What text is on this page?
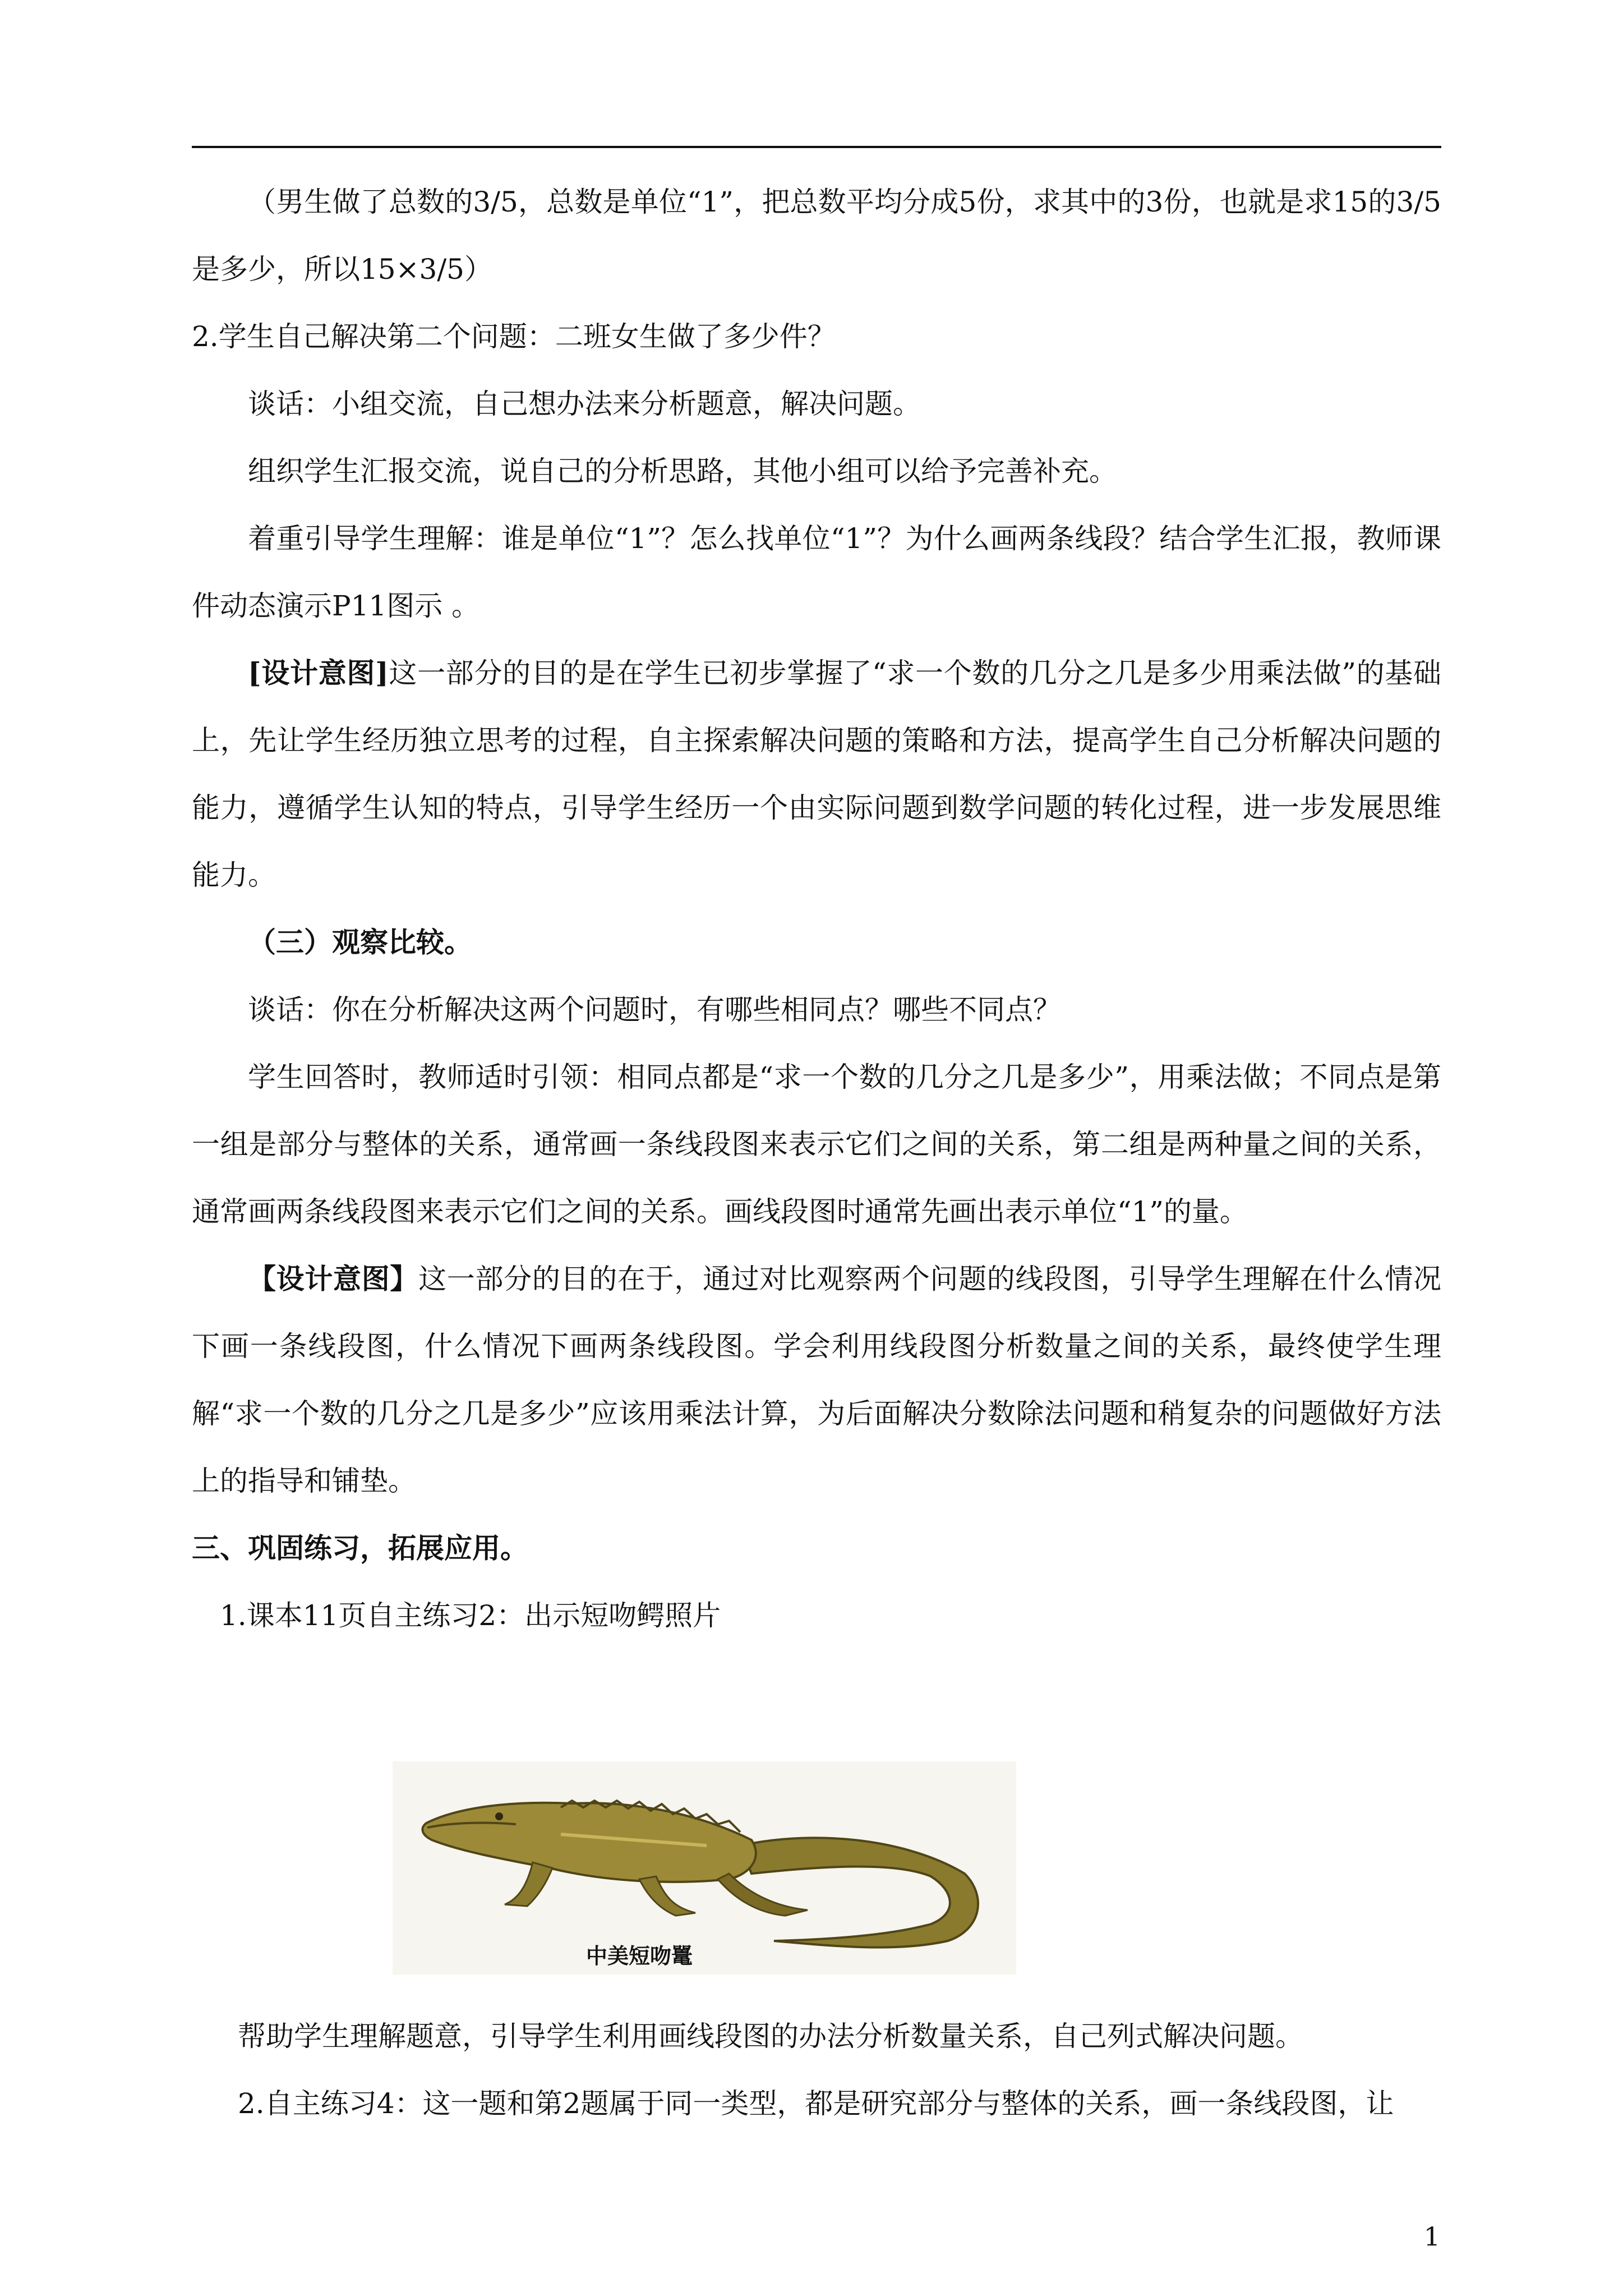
（男生做了总数的3/5，总数是单位“1”，把总数平均分成5份，求其中的3份，也就是求15的3/5是多少，所以15×3/5）

2.学生自己解决第二个问题：二班女生做了多少件？

谈话：小组交流，自己想办法来分析题意，解决问题。

组织学生汇报交流，说自己的分析思路，其他小组可以给予完善补充。

着重引导学生理解：谁是单位“1”？怎么找单位“1”？为什么画两条线段？结合学生汇报，教师课件动态演示P11图示 。

[设计意图]这一部分的目的是在学生已初步掌握了“求一个数的几分之几是多少用乘法做”的基础上，先让学生经历独立思考的过程，自主探索解决问题的策略和方法，提高学生自己分析解决问题的能力，遵循学生认知的特点，引导学生经历一个由实际问题到数学问题的转化过程，进一步发展思维能力。

（三）观察比较。

谈话：你在分析解决这两个问题时，有哪些相同点？哪些不同点？

学生回答时，教师适时引领：相同点都是“求一个数的几分之几是多少”，用乘法做；不同点是第一组是部分与整体的关系，通常画一条线段图来表示它们之间的关系，第二组是两种量之间的关系，通常画两条线段图来表示它们之间的关系。画线段图时通常先画出表示单位“1”的量。

【设计意图】这一部分的目的在于，通过对比观察两个问题的线段图，引导学生理解在什么情况下画一条线段图，什么情况下画两条线段图。学会利用线段图分析数量之间的关系，最终使学生理解“求一个数的几分之几是多少”应该用乘法计算，为后面解决分数除法问题和稍复杂的问题做好方法上的指导和铺垫。

三、巩固练习，拓展应用。

1.课本11页自主练习2：出示短吻鳄照片

中美短吻鼍

帮助学生理解题意，引导学生利用画线段图的办法分析数量关系，自己列式解决问题。

2.自主练习4：这一题和第2题属于同一类型，都是研究部分与整体的关系，画一条线段图，让

1
